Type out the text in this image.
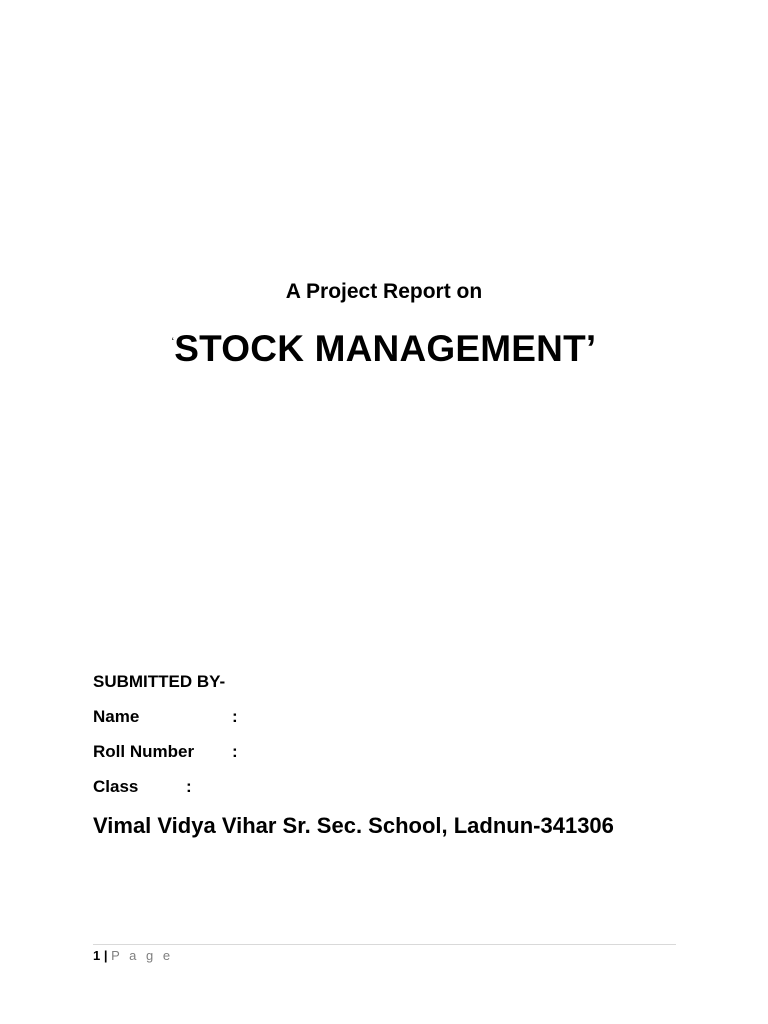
A Project Report on
‘STOCK MANAGEMENT’
SUBMITTED BY-
Name	:
Roll Number :
Class	:
Vimal Vidya Vihar Sr. Sec. School, Ladnun-341306
1 | P a g e
